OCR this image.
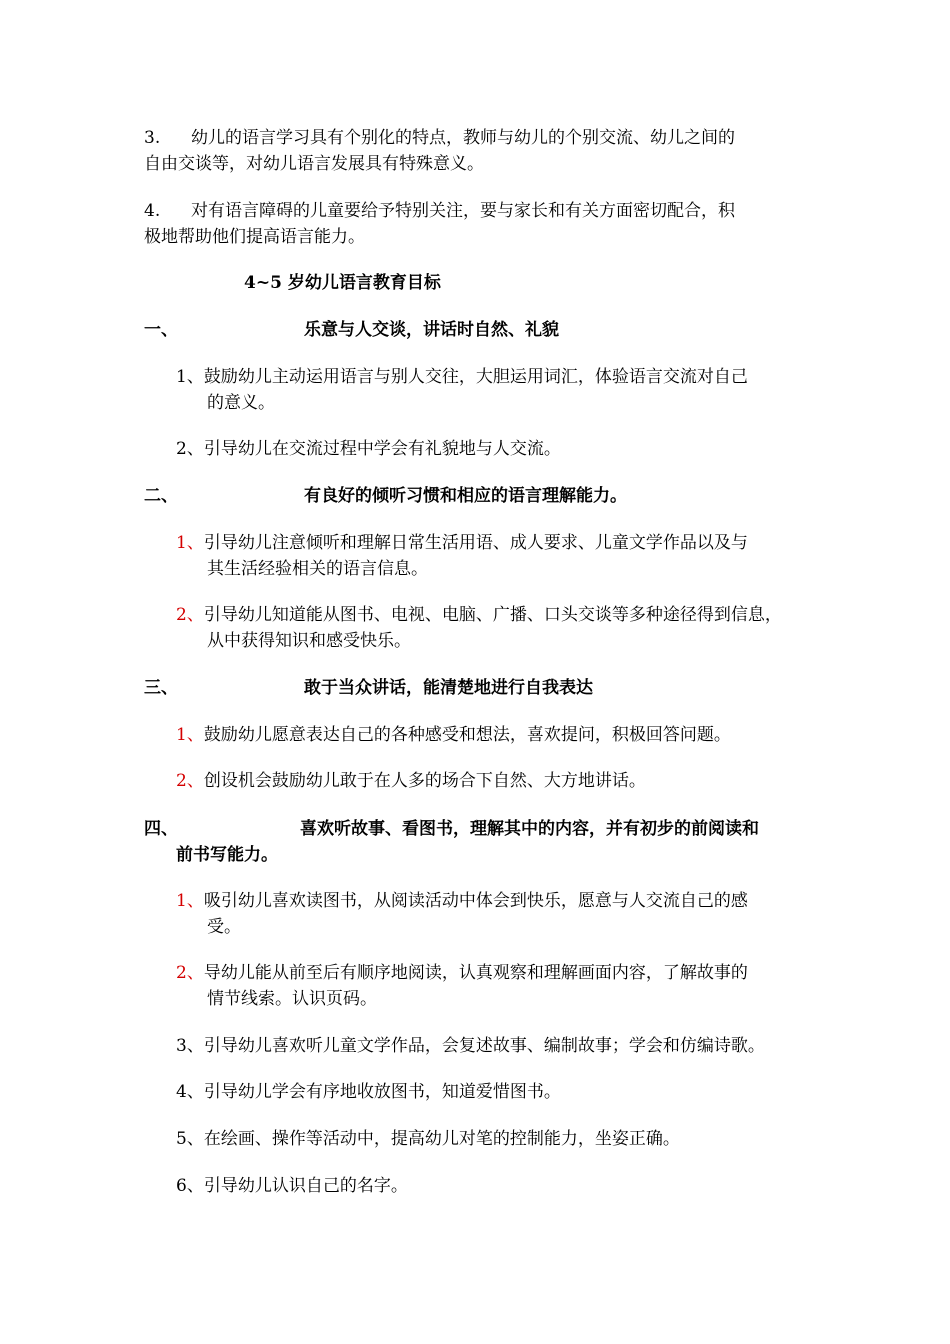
3. 幼儿的语言学习具有个别化的特点，教师与幼儿的个别交流、幼儿之间的
自由交谈等，对幼儿语言发展具有特殊意义。
4. 对有语言障碍的儿童要给予特别关注，要与家长和有关方面密切配合，积
极地帮助他们提高语言能力。
4~5 岁幼儿语言教育目标
一、	乐意与人交谈，讲话时自然、礼貌
1、鼓励幼儿主动运用语言与别人交往，大胆运用词汇，体验语言交流对自己
的意义。
2、引导幼儿在交流过程中学会有礼貌地与人交流。
二、	有良好的倾听习惯和相应的语言理解能力。
1、引导幼儿注意倾听和理解日常生活用语、成人要求、儿童文学作品以及与
其生活经验相关的语言信息。
2、引导幼儿知道能从图书、电视、电脑、广播、口头交谈等多种途径得到信息，
从中获得知识和感受快乐。
三、	敢于当众讲话，能清楚地进行自我表达
1、鼓励幼儿愿意表达自己的各种感受和想法，喜欢提问，积极回答问题。
2、创设机会鼓励幼儿敢于在人多的场合下自然、大方地讲话。
四、	喜欢听故事、看图书，理解其中的内容，并有初步的前阅读和
前书写能力。
1、吸引幼儿喜欢读图书，从阅读活动中体会到快乐，愿意与人交流自己的感
受。
2、导幼儿能从前至后有顺序地阅读，认真观察和理解画面内容，了解故事的
情节线索。认识页码。
3、引导幼儿喜欢听儿童文学作品，会复述故事、编制故事；学会和仿编诗歌。
4、引导幼儿学会有序地收放图书，知道爱惜图书。
5、在绘画、操作等活动中，提高幼儿对笔的控制能力，坐姿正确。
6、引导幼儿认识自己的名字。
